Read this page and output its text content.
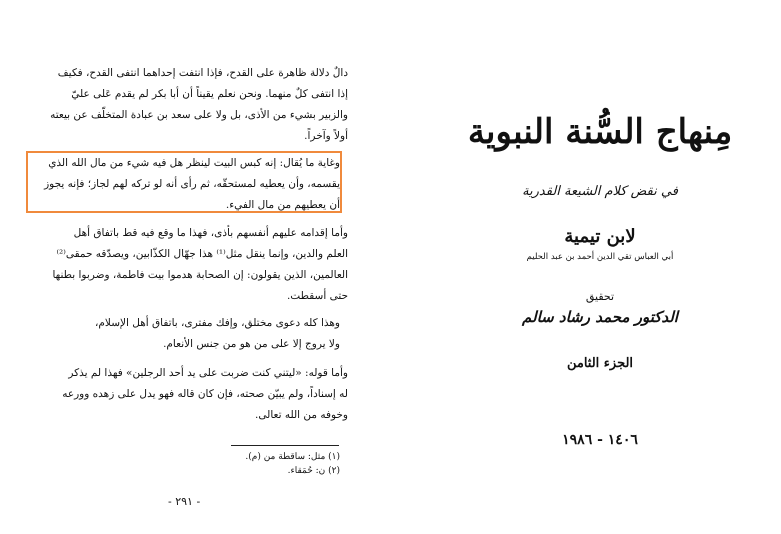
دالٌ دلالة ظاهرة على القدح، فإذا انتفت إحداهما انتفى القدح، فكيف
إذا انتفى كلٌ منهما. ونحن نعلم يقيناً أن أبا بكر لم يقدم عَلى عليّ
والزبير بشيء من الأذى، بل ولا على سعد بن عبادة المتخلّف عن بيعته
أولاً وآخراً.

وغاية ما يُقال: إنه كبس البيت لينظر هل فيه شيء من مال الله الذي
يقسمه، وأن يعطيه لمستحقّه، ثم رأى أنه لو تركه لهم لجاز؛ فإنه يجوز
أن يعطيهم من مال الفيء.

وأما إقدامه عليهم أنفسهم بأذى، فهذا ما وقع فيه قط باتفاق أهل
العلم والدين، وإنما ينقل مثل⁽¹⁾ هذا جهّال الكذّابين، ويصدّقه حمقى⁽²⁾
العالمين، الذين يقولون: إن الصحابة هدموا بيت فاطمة، وضربوا بطنها
حتى أسقطت.

وهذا كله دعوى مختلق، وإفك مفترى، باتفاق أهل الإسلام،
ولا يروج إلا على من هو من جنس الأنعام.

وأما قوله: «ليتني كنت ضربت على يد أحد الرجلين» فهذا لم يذكر
له إسناداً، ولم يبيّن صحته، فإن كان قاله فهو يدل على زهده وورعه
وخوفه من الله تعالى.

(١) مثل: ساقطة من (م).
(٢) ن: حُمَقاء.
- ٢٩١ -
مِنهاج السُّنة النبوية
في نقض كلام الشيعة القدرية
لابن تيمية
أبي العباس تقي الدين أحمد بن عبد الحليم
تحقيق
الدكتور محمد رشاد سالم
الجزء الثامن
١٤٠٦ - ١٩٨٦
